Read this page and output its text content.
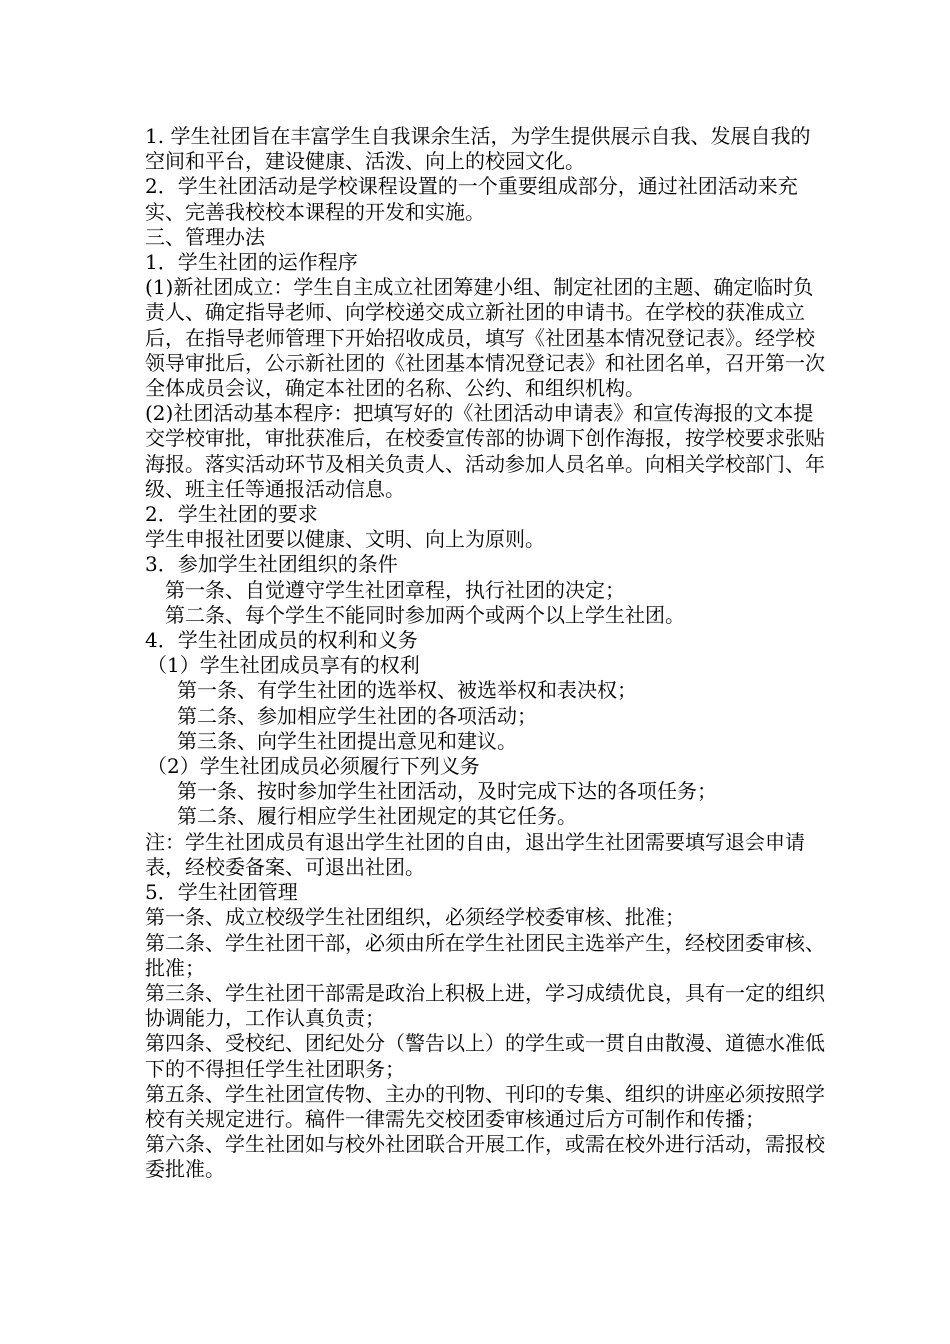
1. 学生社团旨在丰富学生自我课余生活，为学生提供展示自我、发展自我的空间和平台，建设健康、活泼、向上的校园文化。

2．学生社团活动是学校课程设置的一个重要组成部分，通过社团活动来充实、完善我校校本课程的开发和实施。

三、管理办法

1．学生社团的运作程序

(1)新社团成立：学生自主成立社团筹建小组、制定社团的主题、确定临时负责人、确定指导老师、向学校递交成立新社团的申请书。在学校的获准成立后，在指导老师管理下开始招收成员，填写《社团基本情况登记表》。经学校领导审批后，公示新社团的《社团基本情况登记表》和社团名单，召开第一次全体成员会议，确定本社团的名称、公约、和组织机构。

(2)社团活动基本程序：把填写好的《社团活动申请表》和宣传海报的文本提交学校审批，审批获准后，在校委宣传部的协调下创作海报，按学校要求张贴海报。落实活动环节及相关负责人、活动参加人员名单。向相关学校部门、年级、班主任等通报活动信息。

2．学生社团的要求

学生申报社团要以健康、文明、向上为原则。

3．参加学生社团组织的条件

第一条、自觉遵守学生社团章程，执行社团的决定；

第二条、每个学生不能同时参加两个或两个以上学生社团。

4．学生社团成员的权利和义务

（1）学生社团成员享有的权利

第一条、有学生社团的选举权、被选举权和表决权；

第二条、参加相应学生社团的各项活动；

第三条、向学生社团提出意见和建议。

（2）学生社团成员必须履行下列义务

第一条、按时参加学生社团活动，及时完成下达的各项任务；

第二条、履行相应学生社团规定的其它任务。

注：学生社团成员有退出学生社团的自由，退出学生社团需要填写退会申请表，经校委备案、可退出社团。

5．学生社团管理

第一条、成立校级学生社团组织，必须经学校委审核、批准；

第二条、学生社团干部，必须由所在学生社团民主选举产生，经校团委审核、批准；

第三条、学生社团干部需是政治上积极上进，学习成绩优良，具有一定的组织协调能力，工作认真负责；

第四条、受校纪、团纪处分（警告以上）的学生或一贯自由散漫、道德水准低下的不得担任学生社团职务；

第五条、学生社团宣传物、主办的刊物、刊印的专集、组织的讲座必须按照学校有关规定进行。稿件一律需先交校团委审核通过后方可制作和传播；

第六条、学生社团如与校外社团联合开展工作，或需在校外进行活动，需报校委批准。
